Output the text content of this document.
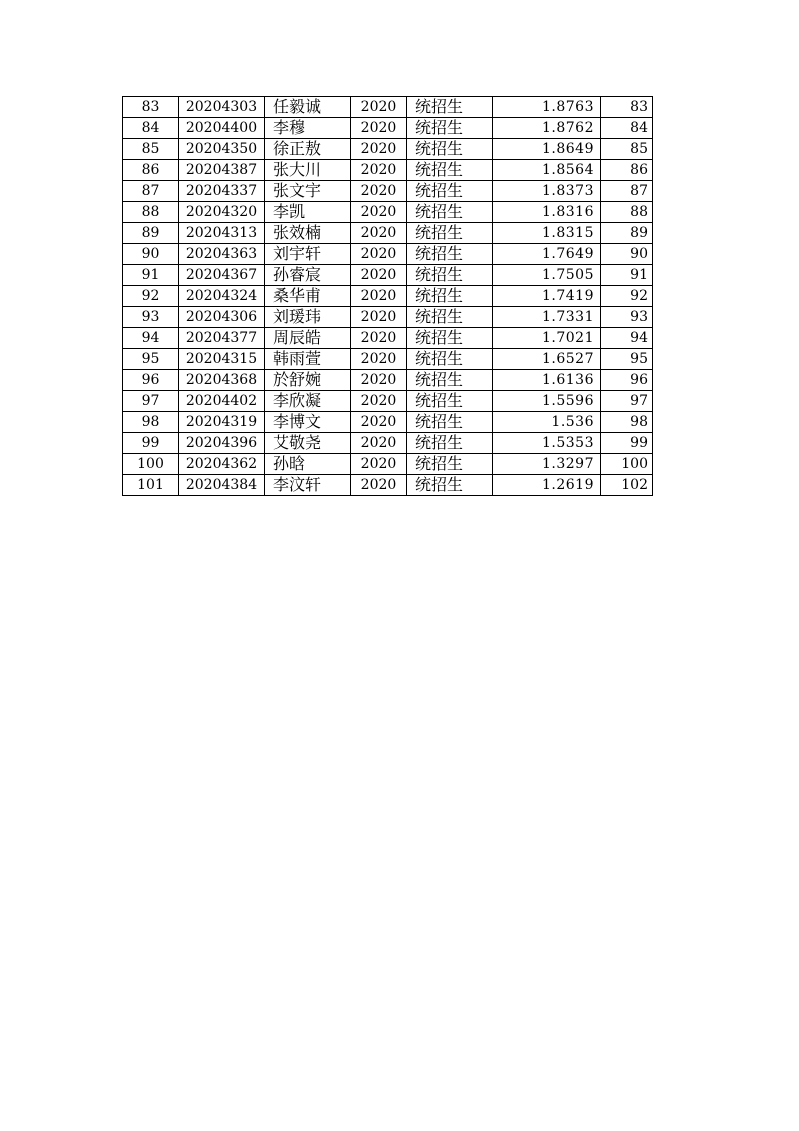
83	20204303	任毅诚	2020	统招生	1.8763	83
84	20204400	李穆	2020	统招生	1.8762	84
85	20204350	徐正敖	2020	统招生	1.8649	85
86	20204387	张大川	2020	统招生	1.8564	86
87	20204337	张文宇	2020	统招生	1.8373	87
88	20204320	李凯	2020	统招生	1.8316	88
89	20204313	张效楠	2020	统招生	1.8315	89
90	20204363	刘宇轩	2020	统招生	1.7649	90
91	20204367	孙睿宸	2020	统招生	1.7505	91
92	20204324	桑华甫	2020	统招生	1.7419	92
93	20204306	刘瑗玮	2020	统招生	1.7331	93
94	20204377	周辰皓	2020	统招生	1.7021	94
95	20204315	韩雨萱	2020	统招生	1.6527	95
96	20204368	於舒婉	2020	统招生	1.6136	96
97	20204402	李欣凝	2020	统招生	1.5596	97
98	20204319	李博文	2020	统招生	1.536	98
99	20204396	艾敬尧	2020	统招生	1.5353	99
100	20204362	孙晗	2020	统招生	1.3297	100
101	20204384	李汶轩	2020	统招生	1.2619	102
